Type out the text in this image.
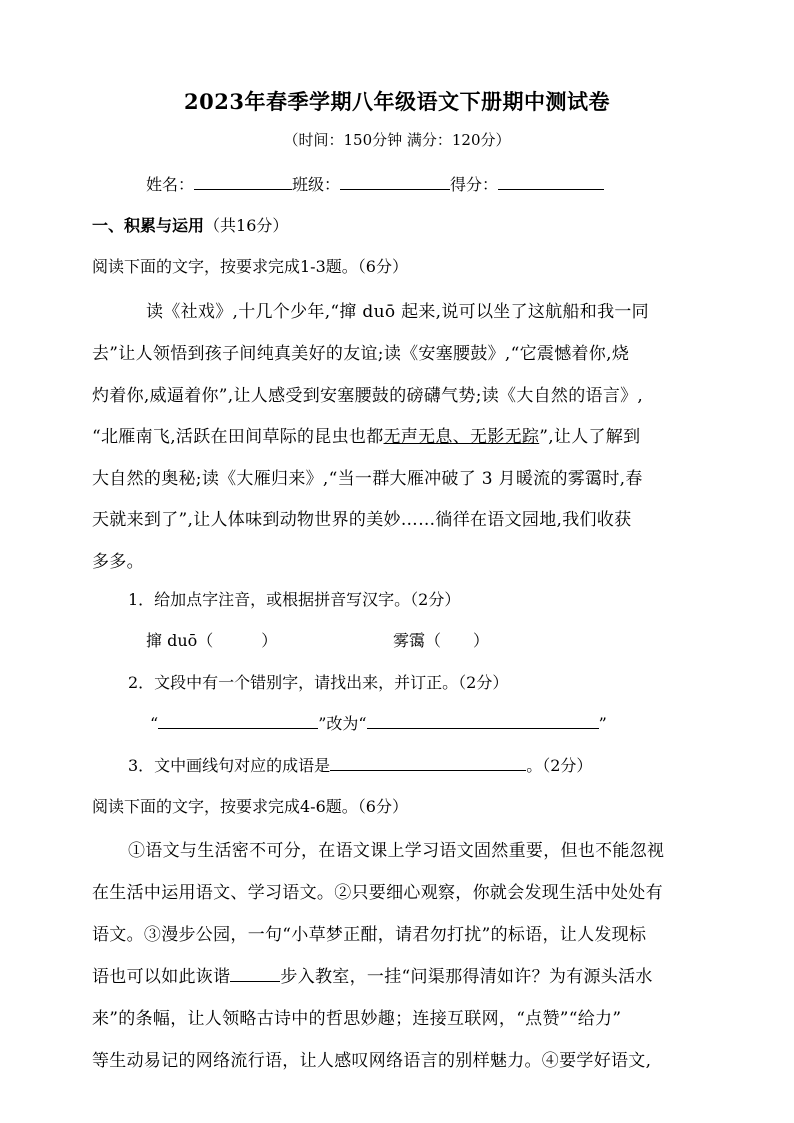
2023年春季学期八年级语文下册期中测试卷
（时间：150分钟 满分：120分）
姓名：	班级：	得分：
一、积累与运用（共16分）
阅读下面的文字，按要求完成1-3题。（6分）
读《社戏》,十几个少年,“撺 duō 起来,说可以坐了这航船和我一同
去”让人领悟到孩子间纯真美好的友谊;读《安塞腰鼓》,“它震憾着你,烧
灼着你,威逼着你”,让人感受到安塞腰鼓的磅礴气势;读《大自然的语言》,
“北雁南飞,活跃在田间草际的昆虫也都无声无息、无影无踪”,让人了解到
大自然的奥秘;读《大雁归来》,“当一群大雁冲破了 3 月暖流的雾霭时,春
天就来到了”,让人体味到动物世界的美妙……徜徉在语文园地,我们收获
多多。
1．给加点字注音，或根据拼音写汉字。（2分）
撺 duō（　　　）	雾霭（　　）
2．文段中有一个错别字，请找出来，并订正。（2分）
“	”改为“	”
3．文中画线句对应的成语是	。（2分）
阅读下面的文字，按要求完成4-6题。（6分）
①语文与生活密不可分，在语文课上学习语文固然重要，但也不能忽视
在生活中运用语文、学习语文。②只要细心观察，你就会发现生活中处处有
语文。③漫步公园，一句“小草梦正酣，请君勿打扰”的标语，让人发现标
语也可以如此诙谐	步入教室，一挂“问渠那得清如许？为有源头活水
来”的条幅，让人领略古诗中的哲思妙趣；连接互联网，“点赞”“给力”
等生动易记的网络流行语，让人感叹网络语言的别样魅力。④要学好语文,
